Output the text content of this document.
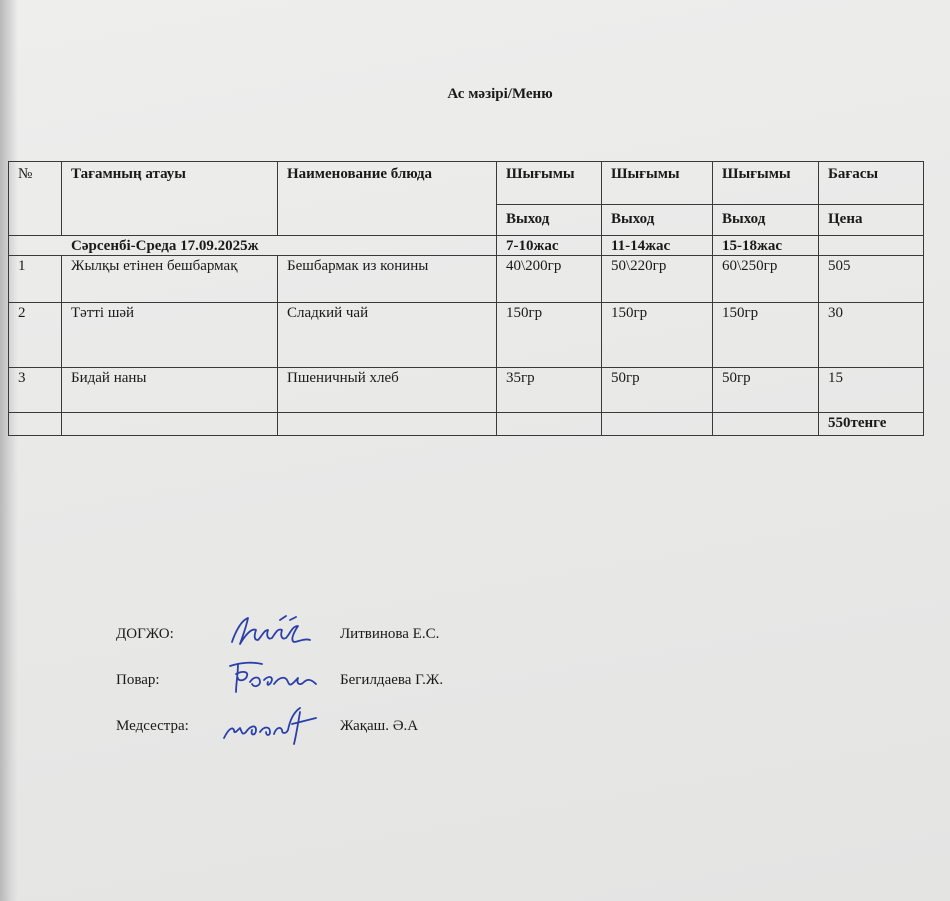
Ас мәзірі/Меню
№	Тағамның атауы	Наименование блюда	Шығымы	Шығымы	Шығымы	Бағасы
			Выход	Выход	Выход	Цена
Сәрсенбі-Среда 17.09.2025ж			7-10жас	11-14жас	15-18жас	
1	Жылқы етінен бешбармақ	Бешбармак из конины	40\200гр	50\220гр	60\250гр	505
2	Тәтті шәй	Сладкий чай	150гр	150гр	150гр	30
3	Бидай наны	Пшеничный хлеб	35гр	50гр	50гр	15
						550тенге
ДОГЖО:	Литвинова Е.С.
Повар:	Бегилдаева Г.Ж.
Медсестра:	Жақаш. Ә.А
